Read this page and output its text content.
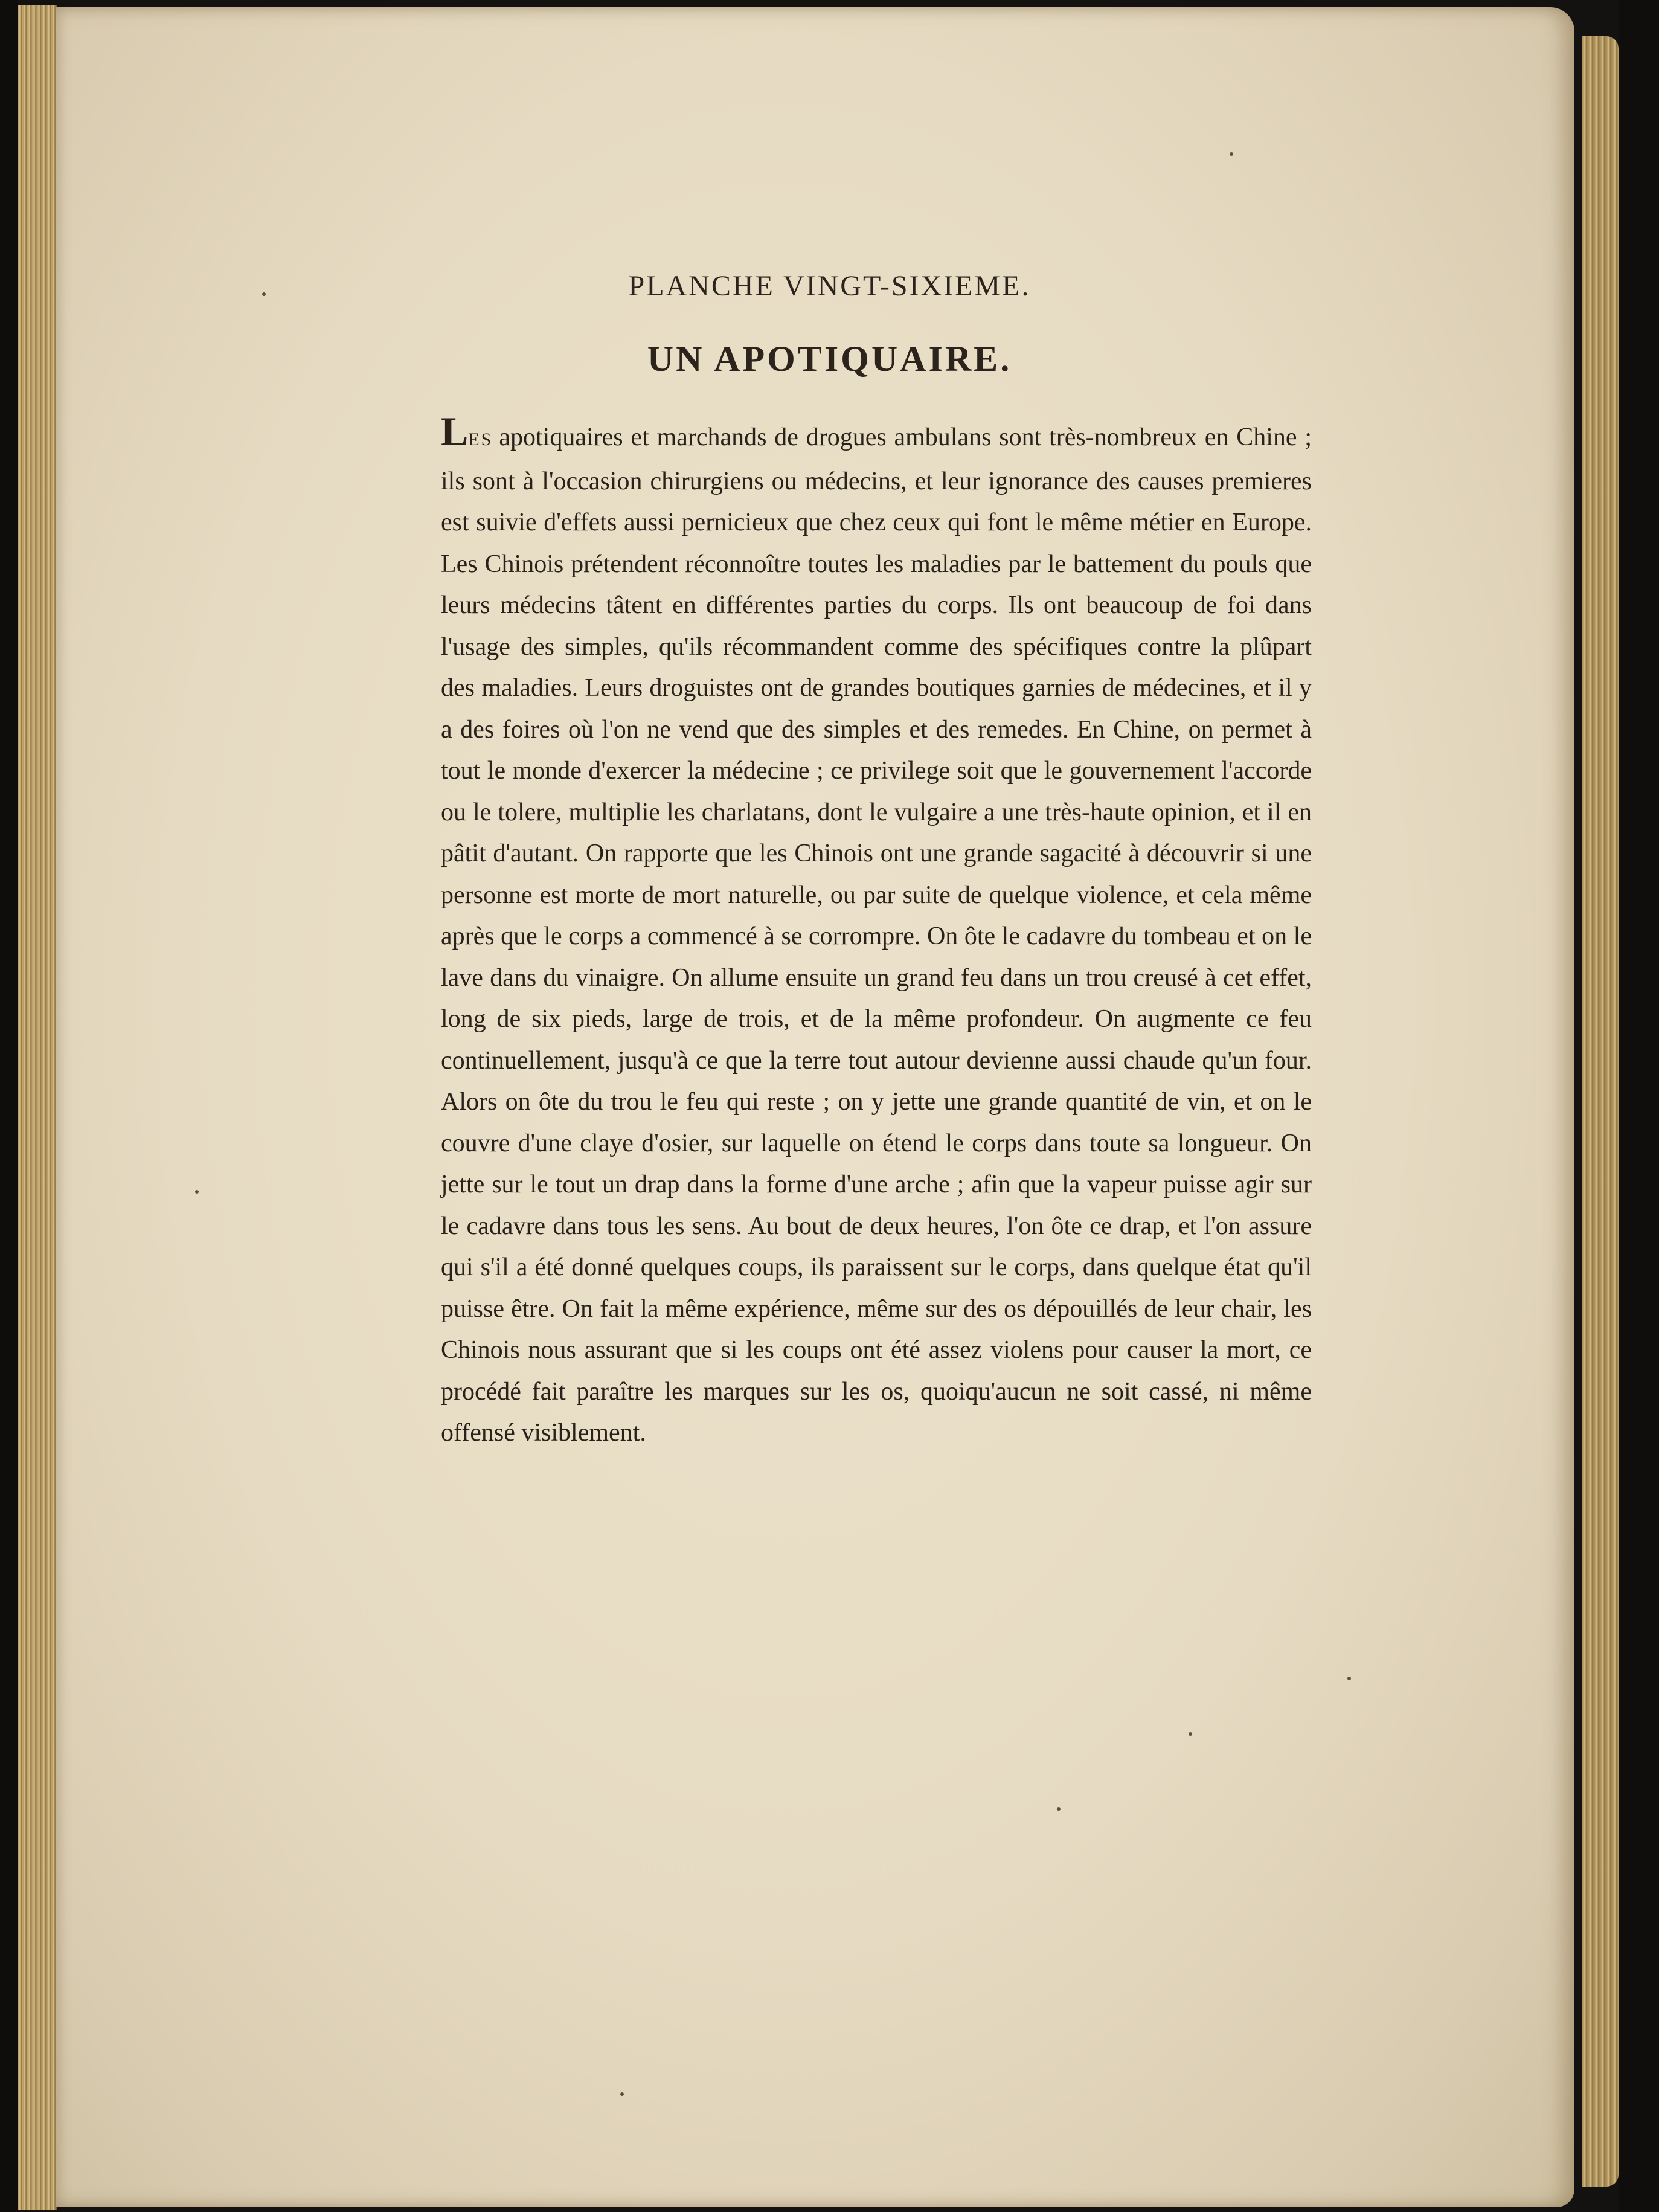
PLANCHE VINGT-SIXIEME.
UN APOTIQUAIRE.

LES apotiquaires et marchands de drogues ambulans sont très-nombreux en Chine ; ils sont à l'occasion chirurgiens ou médecins, et leur ignorance des causes premieres est suivie d'effets aussi pernicieux que chez ceux qui font le même métier en Europe. Les Chinois prétendent réconnoître toutes les maladies par le battement du pouls que leurs médecins tâtent en différentes parties du corps. Ils ont beaucoup de foi dans l'usage des simples, qu'ils récommandent comme des spécifiques contre la plûpart des maladies. Leurs droguistes ont de grandes boutiques garnies de médecines, et il y a des foires où l'on ne vend que des simples et des remedes. En Chine, on permet à tout le monde d'exercer la médecine ; ce privilege soit que le gouvernement l'accorde ou le tolere, multiplie les charlatans, dont le vulgaire a une très-haute opinion, et il en pâtit d'autant. On rapporte que les Chinois ont une grande sagacité à découvrir si une personne est morte de mort naturelle, ou par suite de quelque violence, et cela même après que le corps a commencé à se corrompre. On ôte le cadavre du tombeau et on le lave dans du vinaigre. On allume ensuite un grand feu dans un trou creusé à cet effet, long de six pieds, large de trois, et de la même profondeur. On augmente ce feu continuellement, jusqu'à ce que la terre tout autour devienne aussi chaude qu'un four. Alors on ôte du trou le feu qui reste ; on y jette une grande quantité de vin, et on le couvre d'une claye d'osier, sur laquelle on étend le corps dans toute sa longueur. On jette sur le tout un drap dans la forme d'une arche ; afin que la vapeur puisse agir sur le cadavre dans tous les sens. Au bout de deux heures, l'on ôte ce drap, et l'on assure qui s'il a été donné quelques coups, ils paraissent sur le corps, dans quelque état qu'il puisse être. On fait la même expérience, même sur des os dépouillés de leur chair, les Chinois nous assurant que si les coups ont été assez violens pour causer la mort, ce procédé fait paraître les marques sur les os, quoiqu'aucun ne soit cassé, ni même offensé visiblement.
